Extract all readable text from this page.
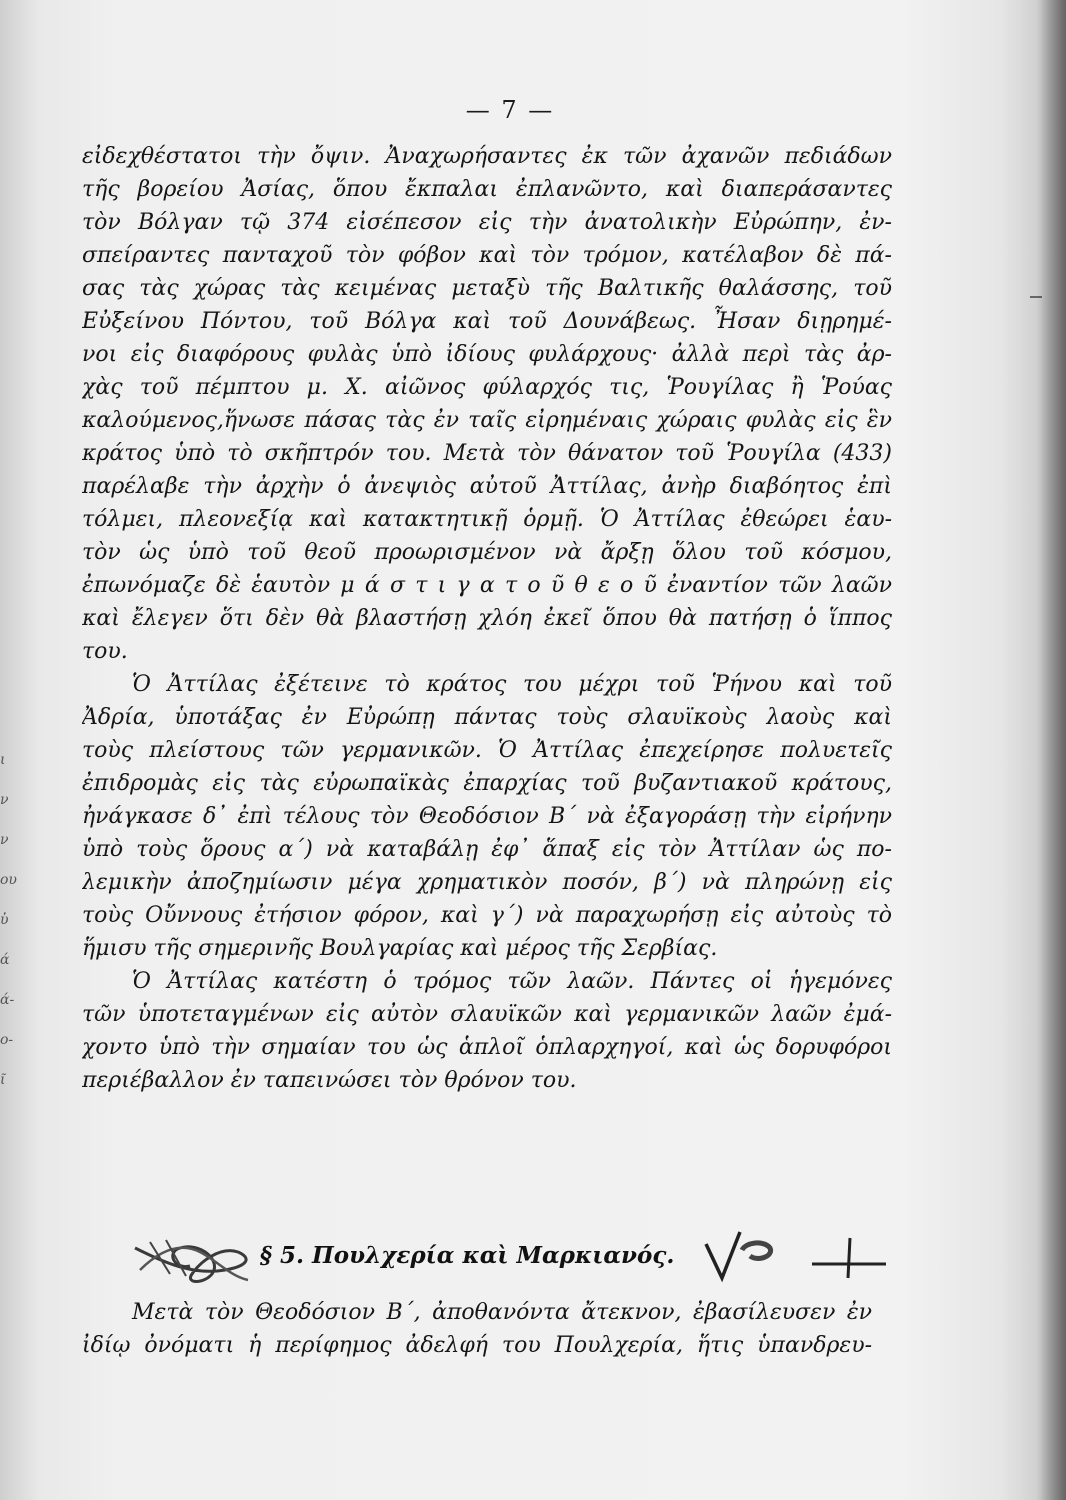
— 7 —
ι
ν
ν
ου
ὑ
ά
ά-
ο-
ῖ
εἰδεχθέστατοι τὴν ὄψιν. Ἀναχωρήσαντες ἐκ τῶν ἀχανῶν πεδιάδων
τῆς βορείου Ἀσίας, ὅπου ἔκπαλαι ἐπλανῶντο, καὶ διαπεράσαντες
τὸν Βόλγαν τῷ 374 εἰσέπεσον εἰς τὴν ἀνατολικὴν Εὐρώπην, ἐν-
σπείραντες πανταχοῦ τὸν φόβον καὶ τὸν τρόμον, κατέλαβον δὲ πά-
σας τὰς χώρας τὰς κειμένας μεταξὺ τῆς Βαλτικῆς θαλάσσης, τοῦ
Εὐξείνου Πόντου, τοῦ Βόλγα καὶ τοῦ Δουνάβεως. Ἦσαν διῃρημέ-
νοι εἰς διαφόρους φυλὰς ὑπὸ ἰδίους φυλάρχους· ἀλλὰ περὶ τὰς ἀρ-
χὰς τοῦ πέμπτου μ. Χ. αἰῶνος φύλαρχός τις, Ῥουγίλας ἢ Ῥούας
καλούμενος,ἥνωσε πάσας τὰς ἐν ταῖς εἰρημέναις χώραις φυλὰς εἰς ἓν
κράτος ὑπὸ τὸ σκῆπτρόν του. Μετὰ τὸν θάνατον τοῦ Ῥουγίλα (433)
παρέλαβε τὴν ἀρχὴν ὁ ἀνεψιὸς αὐτοῦ Ἀττίλας, ἀνὴρ διαβόητος ἐπὶ
τόλμει, πλεονεξίᾳ καὶ κατακτητικῇ ὁρμῇ. Ὁ Ἀττίλας ἐθεώρει ἑαυ-
τὸν ὡς ὑπὸ τοῦ θεοῦ προωρισμένον νὰ ἄρξῃ ὅλου τοῦ κόσμου,
ἐπωνόμαζε δὲ ἑαυτὸν μ ά σ τ ι γ α τ ο ῦ θ ε ο ῦ ἐναντίον τῶν λαῶν
καὶ ἔλεγεν ὅτι δὲν θὰ βλαστήσῃ χλόη ἐκεῖ ὅπου θὰ πατήσῃ ὁ ἵππος
του.
Ὁ Ἀττίλας ἐξέτεινε τὸ κράτος του μέχρι τοῦ Ῥήνου καὶ τοῦ
Ἀδρία, ὑποτάξας ἐν Εὐρώπῃ πάντας τοὺς σλαυϊκοὺς λαοὺς καὶ
τοὺς πλείστους τῶν γερμανικῶν. Ὁ Ἀττίλας ἐπεχείρησε πολυετεῖς
ἐπιδρομὰς εἰς τὰς εὐρωπαϊκὰς ἐπαρχίας τοῦ βυζαντιακοῦ κράτους,
ἠνάγκασε δ᾽ ἐπὶ τέλους τὸν Θεοδόσιον Β΄ νὰ ἐξαγοράσῃ τὴν εἰρήνην
ὑπὸ τοὺς ὅρους α΄) νὰ καταβάλῃ ἐφ᾽ ἅπαξ εἰς τὸν Ἀττίλαν ὡς πο-
λεμικὴν ἀποζημίωσιν μέγα χρηματικὸν ποσόν, β΄) νὰ πληρώνῃ εἰς
τοὺς Οὔννους ἐτήσιον φόρον, καὶ γ΄) νὰ παραχωρήσῃ εἰς αὐτοὺς τὸ
ἥμισυ τῆς σημερινῆς Βουλγαρίας καὶ μέρος τῆς Σερβίας.
Ὁ Ἀττίλας κατέστη ὁ τρόμος τῶν λαῶν. Πάντες οἱ ἡγεμόνες
τῶν ὑποτεταγμένων εἰς αὐτὸν σλαυϊκῶν καὶ γερμανικῶν λαῶν ἐμά-
χοντο ὑπὸ τὴν σημαίαν του ὡς ἁπλοῖ ὁπλαρχηγοί, καὶ ὡς δορυφόροι
περιέβαλλον ἐν ταπεινώσει τὸν θρόνον του.
§ 5. Πουλχερία καὶ Μαρκιανός.
Μετὰ τὸν Θεοδόσιον Β΄, ἀποθανόντα ἄτεκνον, ἐβασίλευσεν ἐν
ἰδίῳ ὀνόματι ἡ περίφημος ἀδελφή του Πουλχερία, ἥτις ὑπανδρευ-
